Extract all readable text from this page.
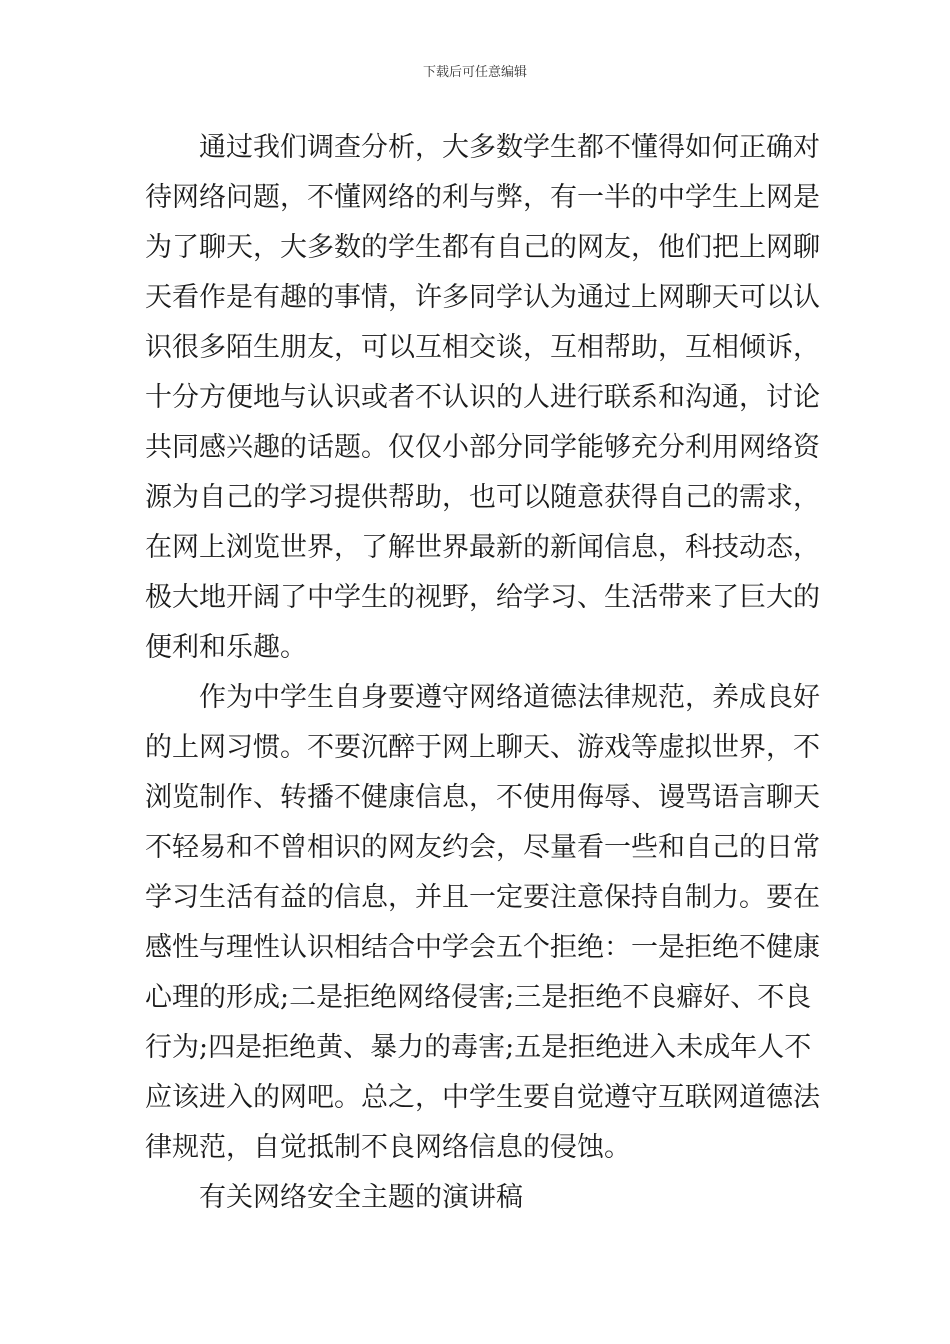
下载后可任意编辑

通过我们调查分析，大多数学生都不懂得如何正确对

待网络问题，不懂网络的利与弊，有一半的中学生上网是

为了聊天，大多数的学生都有自己的网友，他们把上网聊

天看作是有趣的事情，许多同学认为通过上网聊天可以认

识很多陌生朋友，可以互相交谈，互相帮助，互相倾诉，

十分方便地与认识或者不认识的人进行联系和沟通，讨论

共同感兴趣的话题。仅仅小部分同学能够充分利用网络资

源为自己的学习提供帮助，也可以随意获得自己的需求，

在网上浏览世界，了解世界最新的新闻信息，科技动态，

极大地开阔了中学生的视野，给学习、生活带来了巨大的

便利和乐趣。

作为中学生自身要遵守网络道德法律规范，养成良好

的上网习惯。不要沉醉于网上聊天、游戏等虚拟世界，不

浏览制作、转播不健康信息，不使用侮辱、谩骂语言聊天

不轻易和不曾相识的网友约会，尽量看一些和自己的日常

学习生活有益的信息，并且一定要注意保持自制力。要在

感性与理性认识相结合中学会五个拒绝：一是拒绝不健康

心理的形成;二是拒绝网络侵害;三是拒绝不良癖好、不良

行为;四是拒绝黄、暴力的毒害;五是拒绝进入未成年人不

应该进入的网吧。总之，中学生要自觉遵守互联网道德法

律规范，自觉抵制不良网络信息的侵蚀。

有关网络安全主题的演讲稿
